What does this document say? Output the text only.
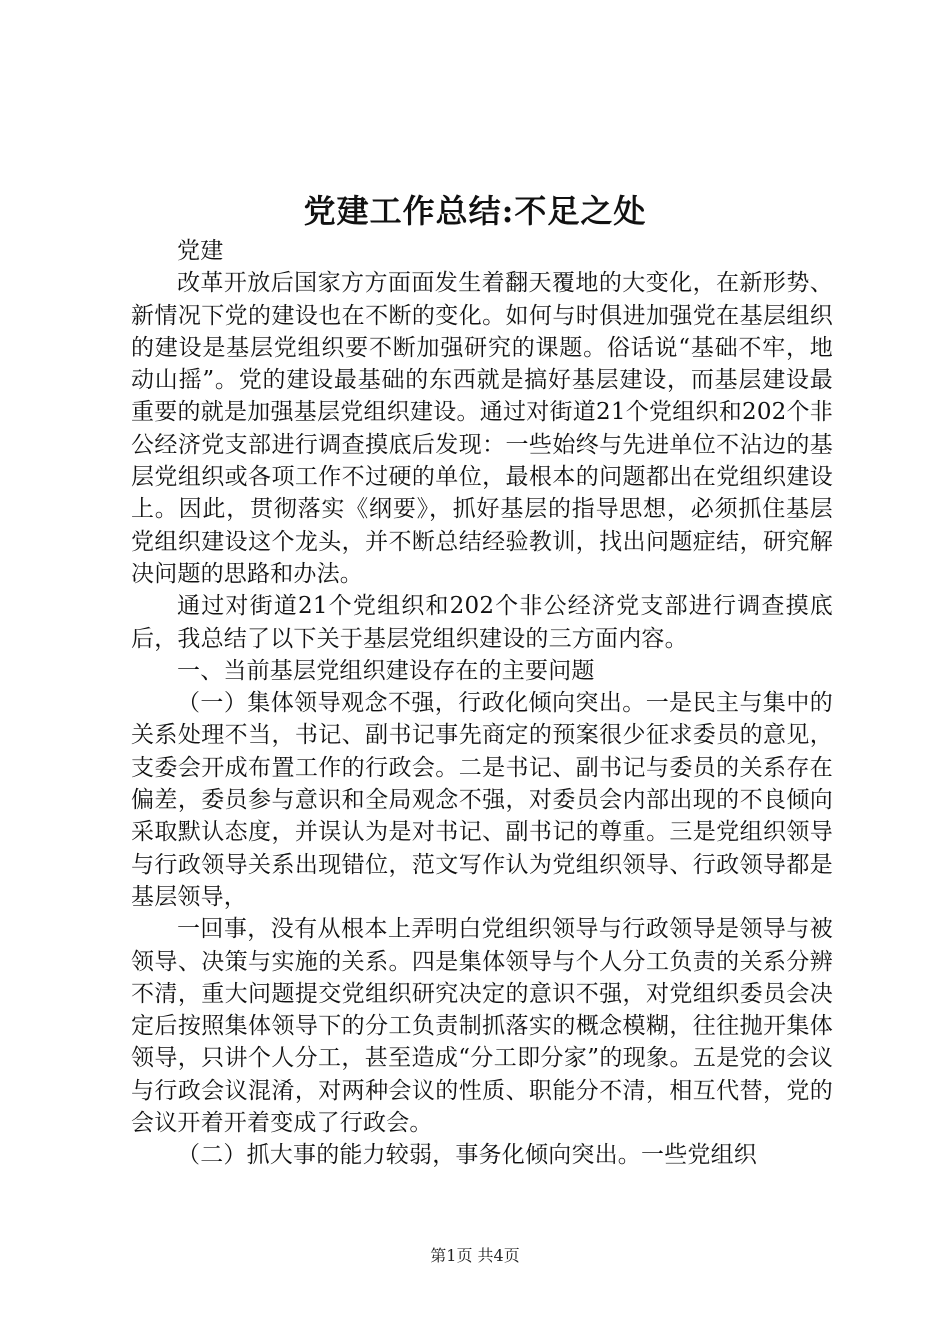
党建工作总结:不足之处

党建

改革开放后国家方方面面发生着翻天覆地的大变化，在新形势、新情况下党的建设也在不断的变化。如何与时俱进加强党在基层组织的建设是基层党组织要不断加强研究的课题。俗话说“基础不牢，地动山摇”。党的建设最基础的东西就是搞好基层建设，而基层建设最重要的就是加强基层党组织建设。通过对街道21个党组织和202个非公经济党支部进行调查摸底后发现：一些始终与先进单位不沾边的基层党组织或各项工作不过硬的单位，最根本的问题都出在党组织建设上。因此，贯彻落实《纲要》，抓好基层的指导思想，必须抓住基层党组织建设这个龙头，并不断总结经验教训，找出问题症结，研究解决问题的思路和办法。

通过对街道21个党组织和202个非公经济党支部进行调查摸底后，我总结了以下关于基层党组织建设的三方面内容。

一、当前基层党组织建设存在的主要问题

（一）集体领导观念不强，行政化倾向突出。一是民主与集中的关系处理不当，书记、副书记事先商定的预案很少征求委员的意见，支委会开成布置工作的行政会。二是书记、副书记与委员的关系存在偏差，委员参与意识和全局观念不强，对委员会内部出现的不良倾向采取默认态度，并误认为是对书记、副书记的尊重。三是党组织领导与行政领导关系出现错位，范文写作认为党组织领导、行政领导都是基层领导，

一回事，没有从根本上弄明白党组织领导与行政领导是领导与被领导、决策与实施的关系。四是集体领导与个人分工负责的关系分辨不清，重大问题提交党组织研究决定的意识不强，对党组织委员会决定后按照集体领导下的分工负责制抓落实的概念模糊，往往抛开集体领导，只讲个人分工，甚至造成“分工即分家”的现象。五是党的会议与行政会议混淆，对两种会议的性质、职能分不清，相互代替，党的会议开着开着变成了行政会。

（二）抓大事的能力较弱，事务化倾向突出。一些党组织

第1页 共4页
